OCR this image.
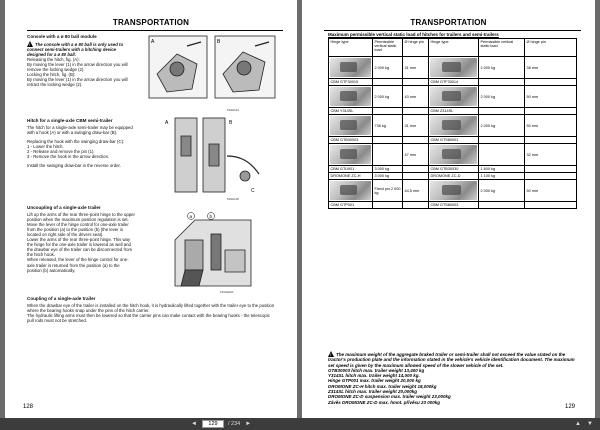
TRANSPORTATION

Console with a ø 80 ball module

!The console with a ø 80 ball is only used to connect semi-trailers with a hitching device designed for a ø 80 ball.

Releasing the hitch, fig. (A):

By moving the lever (1) in the arrow direction you will remove the locking wedge (2).

Locking the hitch, fig. (B):

By moving the lever (1) in the arrow direction you will retract the locking wedge (2).

A	B
51NH104

Hitch for a single-axle CBM semi-trailer

The hitch for a single-axle semi-trailer may be equipped with a hook (A) or with a swinging draw-bar (B).

Replacing the hook with the swinging draw-bar (C):

1 - Lower the hitch.

2 - Release and remove the pin (1).

3 - Remove the hook in the arrow direction.

Install the swinging draw-bar in the reverse order.

A	B
C
51NH105

Uncoupling of a single-axle trailer

Lift up the arms of the rear three-point hinge to the upper position when the maximum position regulation is set.

Move the lever of the hinge control for one-axle trailer from the position (a) to the position (b) (the lever is located on right side of the drivers seat).

Lower the arms of the rear three-point hinge. This way the hinge for the one-axle trailer is lowered as well and the drawbar eye of the trailer can be disconnected from the hitch hook.

When released, the lever of the hinge control for one-axle trailer is returned from the position (a) to the position (b) automatically.

a	b
F01NH102

Coupling of a single-axle trailer

When the drawbar eye of the trailer is installed on the hitch hook, it is hydraulically lifted together with the trailer eye to the position where the bearing hooks snap under the pins of the hitch carrier.

The hydraulic lifting arms must then be lowered so that the carrier pins can make contact with the bearing hooks - the telescopic pull rods must not be stretched.

128
TRANSPORTATION
Maximum permissible vertical static load of hitches for trailers and semi-trailers
Hinge type	Permissible vertical static load	Ø hinge pin	Hinge type	Permissible vertical static load	Ø hinge pin

	2 000 kg	31 mm		2 000 kg	38 mm
CBM GTF30015			CBM GTF30014		

	2 000 kg	43 mm		2 000 kg	50 mm
CBM Y314SL			CBM Z314SL		

	736 kg	31 mm		2 000 kg	50 mm
CBM GTB30003			CBM GTS80001		

		47 mm			32 mm
CBM GTU001	3 000 kg		CBM GTB30030	1 600 kg	
DROMONE ZC-H	3 000 kg		DROMONE ZC-D	1 100 kg	

	Fixed pin 2 000 kg	44,5 mm		2 000 kg	50 mm
CBM GTP001			CBM GTS80003		

!The maximum weight of the aggregate braked trailer or semi-trailer shall not exceed the value stated on the tractor's production plate and the information stated in the vehicle's vehicle identification document. The maximum set speed is given by the maximum allowed speed of the slower vehicle of the set.

GTB30003 hitch max. trailer weight 13,400 kg

Y314SL hitch max. trailer weight 14,000 kg.

Hinge GTP001 max. trailer weight 20,000 kg

DROMONE ZC-H hitch max. trailer weight 18,000kg

Z314SL hitch max. trailer weight 20,000kg

DROMONE ZC-D suspension max. trailer weight 23,000kg

Závěs DROMONE ZC-D max. hmot. přívěsu 23 000kg

129
◄
129	/ 234 ►	▲ ▼
